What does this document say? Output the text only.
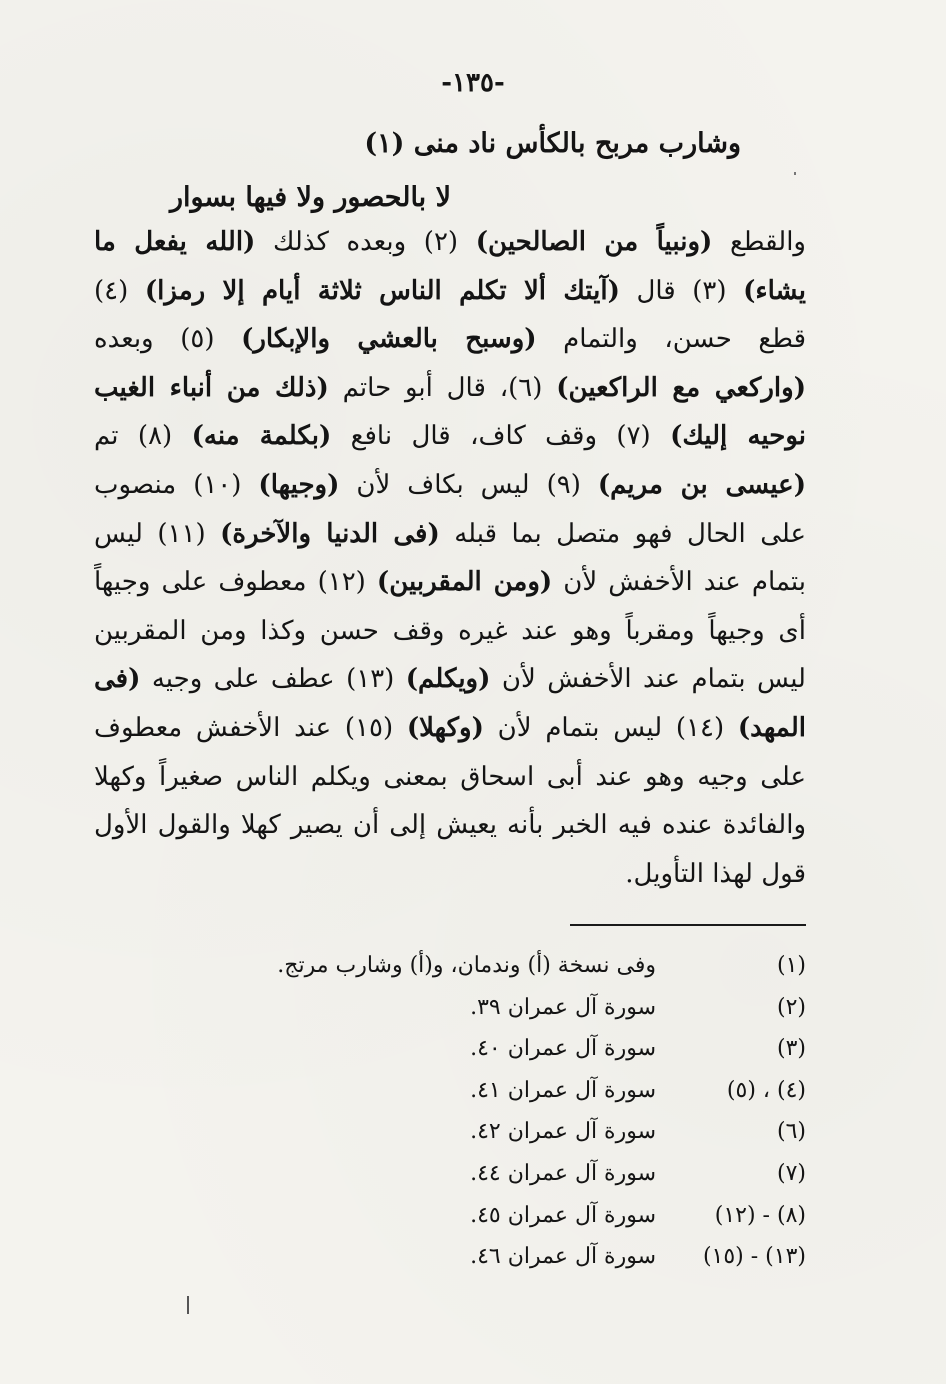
-١٣٥-
وشارب مربح بالكأس ناد منى (١)
لا بالحصور ولا فيها بسوار
والقطع (ونبياً من الصالحين) (٢) وبعده كذلك (الله يفعل ما
يشاء) (٣) قال (آيتك ألا تكلم الناس ثلاثة أيام إلا رمزا) (٤)
قطع حسن، والتمام (وسبح بالعشي والإبكار) (٥) وبعده
(واركعي مع الراكعين) (٦)، قال أبو حاتم (ذلك من أنباء الغيب
نوحيه إليك) (٧) وقف كاف، قال نافع (بكلمة منه) (٨) تم
(عيسى بن مريم) (٩) ليس بكاف لأن (وجيها) (١٠) منصوب
على الحال فهو متصل بما قبله (فى الدنيا والآخرة) (١١) ليس
بتمام عند الأخفش لأن (ومن المقربين) (١٢) معطوف على وجيهاً
أى وجيهاً ومقرباً وهو عند غيره وقف حسن وكذا ومن المقربين
ليس بتمام عند الأخفش لأن (ويكلم) (١٣) عطف على وجيه (فى
المهد) (١٤) ليس بتمام لأن (وكهلا) (١٥) عند الأخفش معطوف
على وجيه وهو عند أبى اسحاق بمعنى ويكلم الناس صغيراً وكهلا
والفائدة عنده فيه الخبر بأنه يعيش إلى أن يصير كهلا والقول الأول
قول لهذا التأويل.
(١)
وفى نسخة (أ) وندمان، و(أ) وشارب مرتج.
(٢)
سورة آل عمران ٣٩.
(٣)
سورة آل عمران ٤٠.
(٤) ، (٥)
سورة آل عمران ٤١.
(٦)
سورة آل عمران ٤٢.
(٧)
سورة آل عمران ٤٤.
(٨) - (١٢)
سورة آل عمران ٤٥.
(١٣) - (١٥)
سورة آل عمران ٤٦.
